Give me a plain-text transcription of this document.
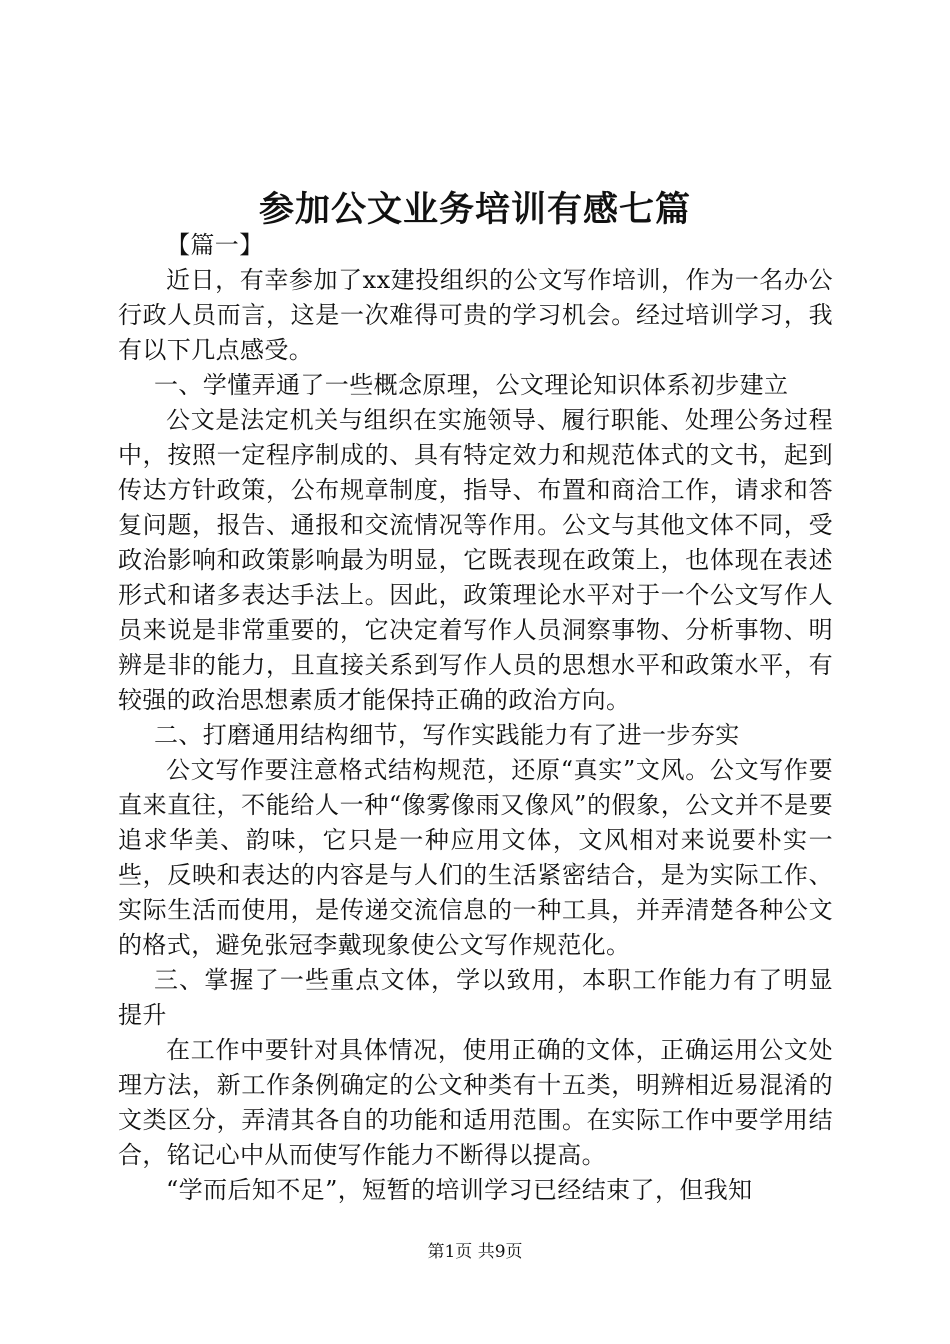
参加公文业务培训有感七篇

【篇一】

近日，有幸参加了xx建投组织的公文写作培训，作为一名办公行政人员而言，这是一次难得可贵的学习机会。经过培训学习，我有以下几点感受。

一、学懂弄通了一些概念原理，公文理论知识体系初步建立

公文是法定机关与组织在实施领导、履行职能、处理公务过程中，按照一定程序制成的、具有特定效力和规范体式的文书，起到传达方针政策，公布规章制度，指导、布置和商洽工作，请求和答复问题，报告、通报和交流情况等作用。公文与其他文体不同，受政治影响和政策影响最为明显，它既表现在政策上，也体现在表述形式和诸多表达手法上。因此，政策理论水平对于一个公文写作人员来说是非常重要的，它决定着写作人员洞察事物、分析事物、明辨是非的能力，且直接关系到写作人员的思想水平和政策水平，有较强的政治思想素质才能保持正确的政治方向。

二、打磨通用结构细节，写作实践能力有了进一步夯实

公文写作要注意格式结构规范，还原“真实”文风。公文写作要直来直往，不能给人一种“像雾像雨又像风”的假象，公文并不是要追求华美、韵味，它只是一种应用文体，文风相对来说要朴实一些，反映和表达的内容是与人们的生活紧密结合，是为实际工作、实际生活而使用，是传递交流信息的一种工具，并弄清楚各种公文的格式，避免张冠李戴现象使公文写作规范化。

三、掌握了一些重点文体，学以致用，本职工作能力有了明显提升

在工作中要针对具体情况，使用正确的文体，正确运用公文处理方法，新工作条例确定的公文种类有十五类，明辨相近易混淆的文类区分，弄清其各自的功能和适用范围。在实际工作中要学用结合，铭记心中从而使写作能力不断得以提高。

“学而后知不足”，短暂的培训学习已经结束了，但我知

第1页 共9页
